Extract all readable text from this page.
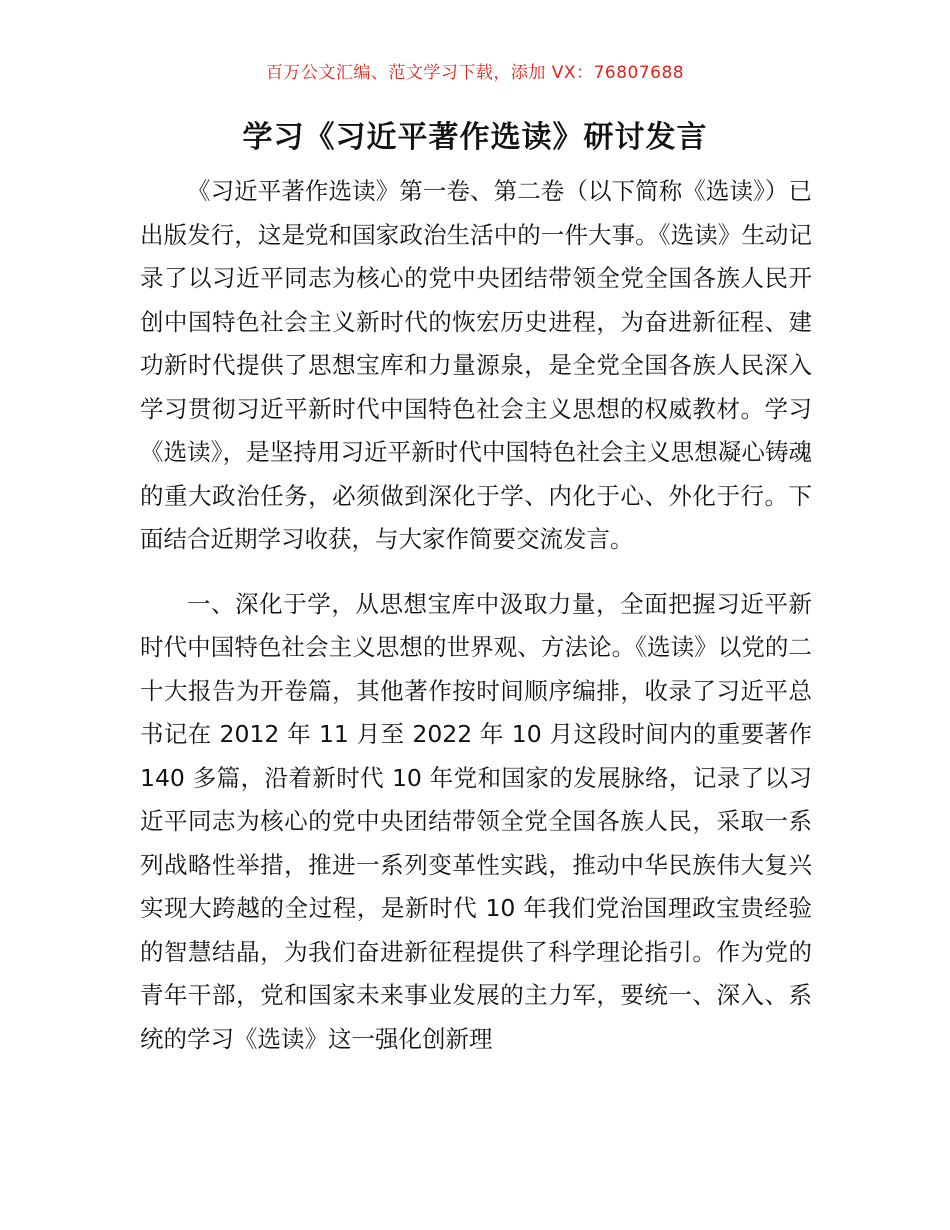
百万公文汇编、范文学习下载，添加 VX：76807688
学习《习近平著作选读》研讨发言

《习近平著作选读》第一卷、第二卷（以下简称《选读》）已出版发行，这是党和国家政治生活中的一件大事。《选读》生动记录了以习近平同志为核心的党中央团结带领全党全国各族人民开创中国特色社会主义新时代的恢宏历史进程，为奋进新征程、建功新时代提供了思想宝库和力量源泉，是全党全国各族人民深入学习贯彻习近平新时代中国特色社会主义思想的权威教材。学习《选读》，是坚持用习近平新时代中国特色社会主义思想凝心铸魂的重大政治任务，必须做到深化于学、内化于心、外化于行。下面结合近期学习收获，与大家作简要交流发言。

一、深化于学，从思想宝库中汲取力量，全面把握习近平新时代中国特色社会主义思想的世界观、方法论。《选读》以党的二十大报告为开卷篇，其他著作按时间顺序编排，收录了习近平总书记在 2012 年 11 月至 2022 年 10 月这段时间内的重要著作 140 多篇，沿着新时代 10 年党和国家的发展脉络，记录了以习近平同志为核心的党中央团结带领全党全国各族人民，采取一系列战略性举措，推进一系列变革性实践，推动中华民族伟大复兴实现大跨越的全过程，是新时代 10 年我们党治国理政宝贵经验的智慧结晶，为我们奋进新征程提供了科学理论指引。作为党的青年干部，党和国家未来事业发展的主力军，要统一、深入、系统的学习《选读》这一强化创新理
